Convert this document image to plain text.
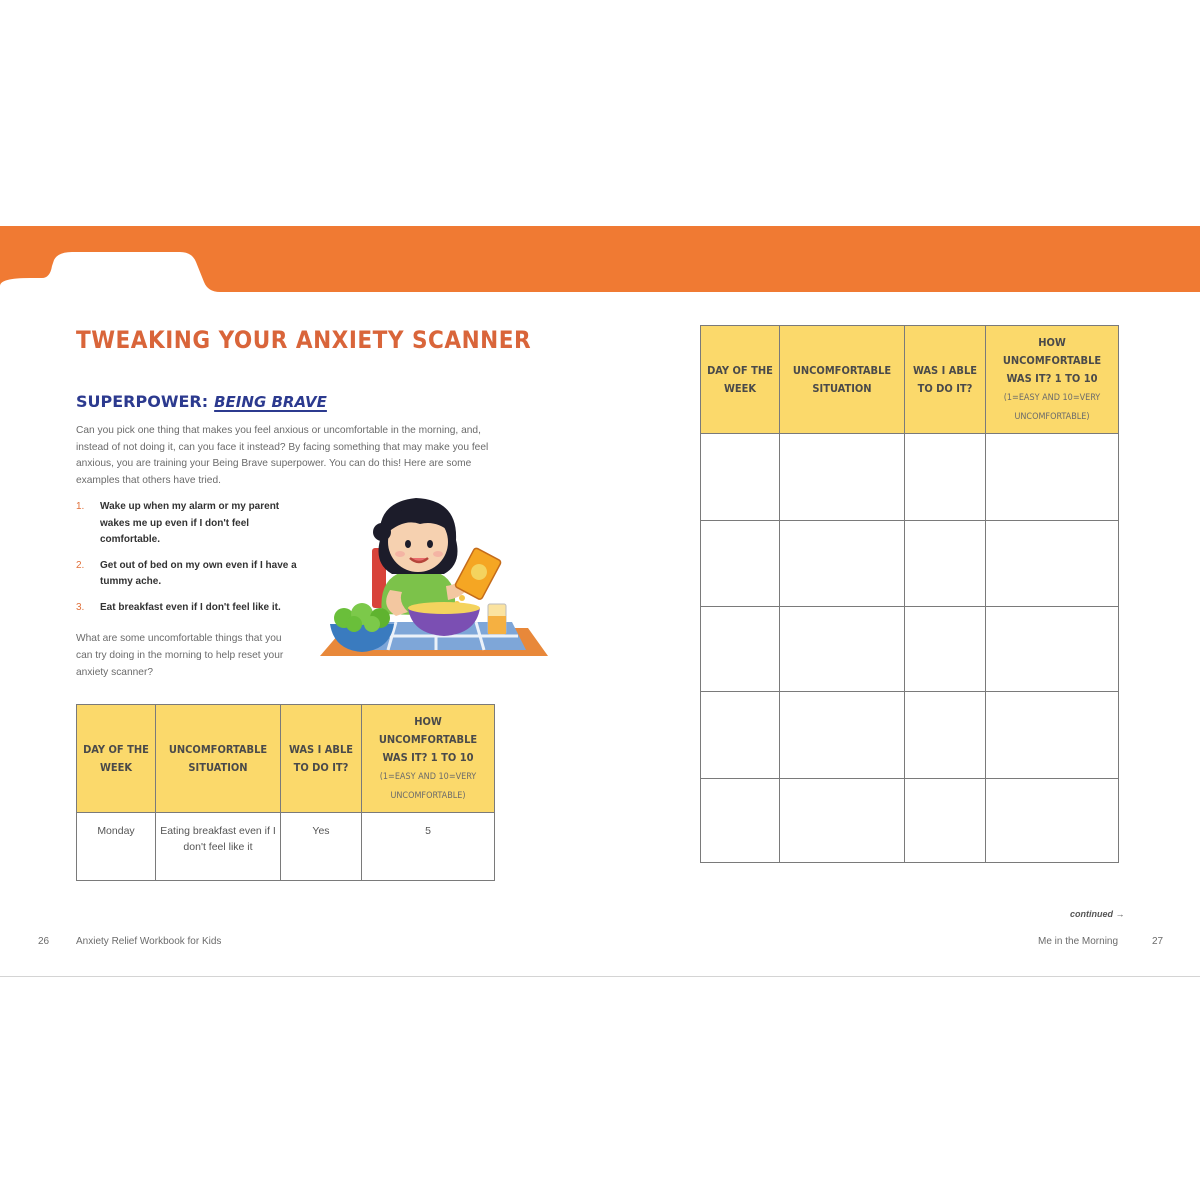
TWEAKING YOUR ANXIETY SCANNER
SUPERPOWER: BEING BRAVE

Can you pick one thing that makes you feel anxious or uncomfortable in the morning, and, instead of not doing it, can you face it instead? By facing something that may make you feel anxious, you are training your Being Brave superpower. You can do this! Here are some examples that others have tried.

1. Wake up when my alarm or my parent wakes me up even if I don't feel comfortable.
2. Get out of bed on my own even if I have a tummy ache.
3. Eat breakfast even if I don't feel like it.

What are some uncomfortable things that you can try doing in the morning to help reset your anxiety scanner?

DAY OF THE WEEK	UNCOMFORTABLE SITUATION	WAS I ABLE TO DO IT?	HOW UNCOMFORTABLE WAS IT? 1 TO 10
(1=EASY AND 10=VERY UNCOMFORTABLE)
Monday	Eating breakfast even if I don't feel like it	Yes	5
DAY OF THE WEEK	UNCOMFORTABLE SITUATION	WAS I ABLE TO DO IT?	HOW UNCOMFORTABLE WAS IT? 1 TO 10
(1=EASY AND 10=VERY UNCOMFORTABLE)

continued →
26	Anxiety Relief Workbook for Kids	Me in the Morning	27
